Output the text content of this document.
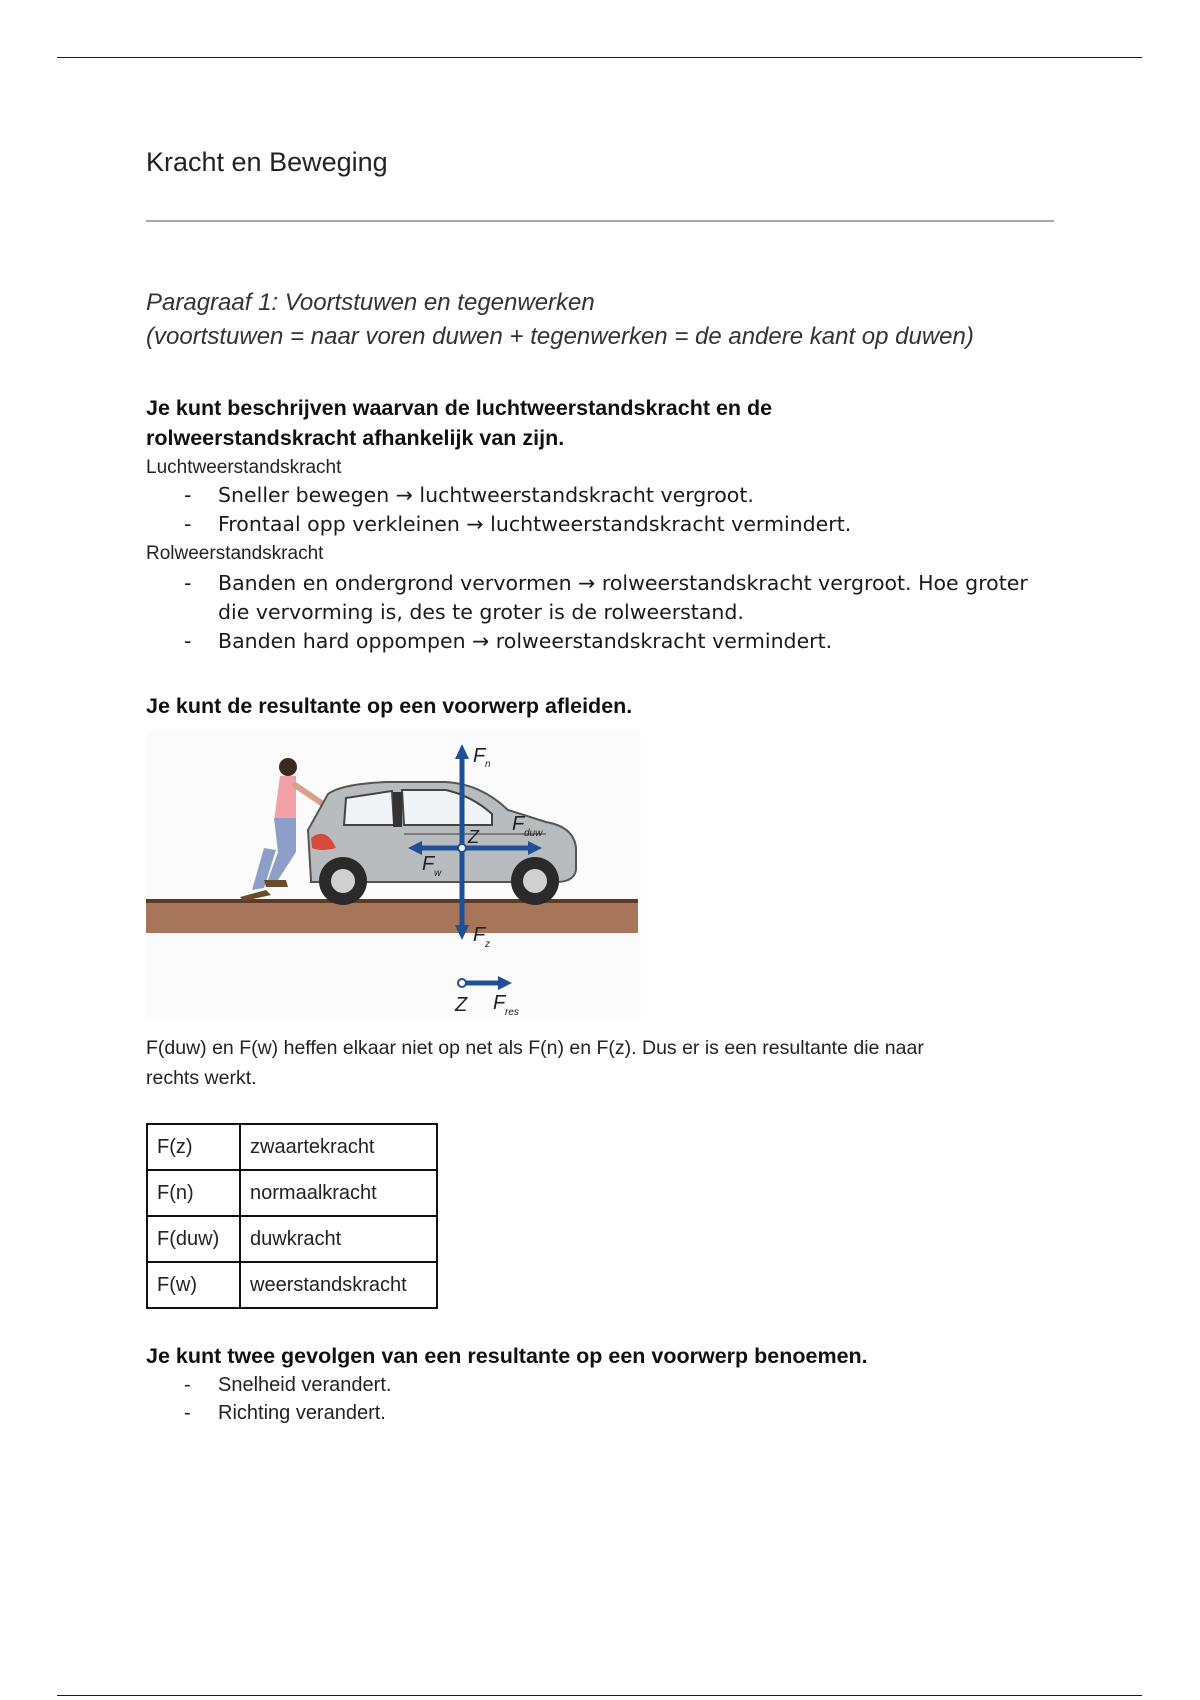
Kracht en Beweging
Paragraaf 1: Voortstuwen en tegenwerken
(voortstuwen = naar voren duwen + tegenwerken = de andere kant op duwen)
Je kunt beschrijven waarvan de luchtweerstandskracht en de
rolweerstandskracht afhankelijk van zijn.
Luchtweerstandskracht
- Sneller bewegen → luchtweerstandskracht vergroot.
- Frontaal opp verkleinen → luchtweerstandskracht vermindert.
Rolweerstandskracht
- Banden en ondergrond vervormen → rolweerstandskracht vergroot. Hoe groter die vervorming is, des te groter is de rolweerstand.
- Banden hard oppompen → rolweerstandskracht vermindert.
Je kunt de resultante op een voorwerp afleiden.
F n
F z
F w
F duw
Z
Z F res
F(duw) en F(w) heffen elkaar niet op net als F(n) en F(z). Dus er is een resultante die naar
rechts werkt.
F(z)	zwaartekracht
F(n)	normaalkracht
F(duw)	duwkracht
F(w)	weerstandskracht
Je kunt twee gevolgen van een resultante op een voorwerp benoemen.
- Snelheid verandert.
- Richting verandert.
